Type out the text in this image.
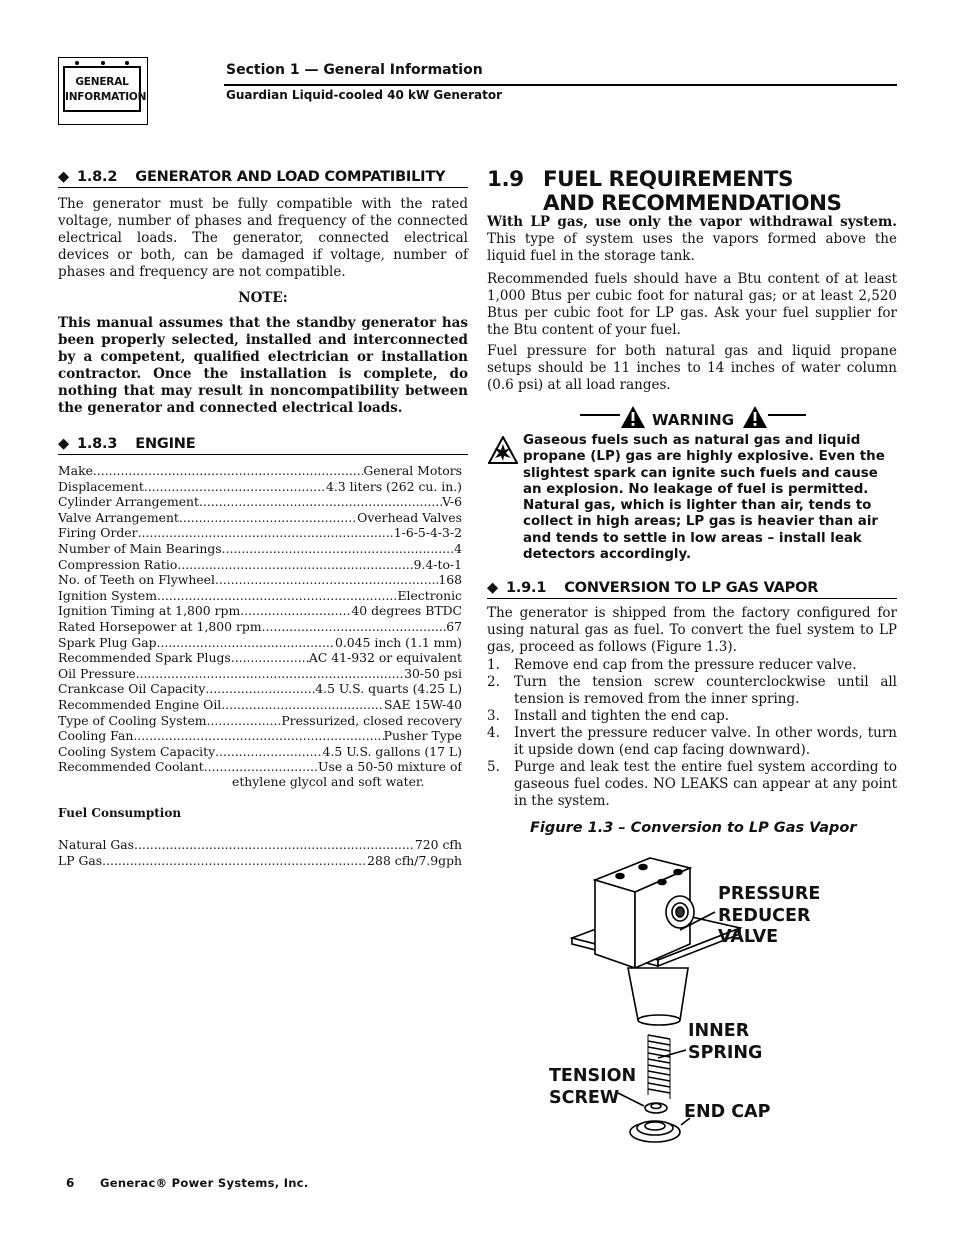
GENERAL
INFORMATION
Section 1 — General Information
Guardian Liquid-cooled 40 kW Generator
◆ 1.8.2 GENERATOR AND LOAD COMPATIBILITY

The generator must be fully compatible with the rated voltage, number of phases and frequency of the connected electrical loads. The generator, connected electrical devices or both, can be damaged if voltage, number of phases and frequency are not compatible.

NOTE:

This manual assumes that the standby generator has been properly selected, installed and interconnected by a competent, qualified electrician or installation contractor. Once the installation is complete, do nothing that may result in noncompatibility between the generator and connected electrical loads.

◆ 1.8.3 ENGINE
Make .....	General Motors
Displacement .....	4.3 liters (262 cu. in.)
Cylinder Arrangement .....	V-6
Valve Arrangement .....	Overhead Valves
Firing Order .....	1-6-5-4-3-2
Number of Main Bearings .....	4
Compression Ratio .....	9.4-to-1
No. of Teeth on Flywheel .....	168
Ignition System .....	Electronic
Ignition Timing at 1,800 rpm .....	40 degrees BTDC
Rated Horsepower at 1,800 rpm .....	67
Spark Plug Gap .....	0.045 inch (1.1 mm)
Recommended Spark Plugs .....	AC 41-932 or equivalent
Oil Pressure .....	30-50 psi
Crankcase Oil Capacity .....	4.5 U.S. quarts (4.25 L)
Recommended Engine Oil .....	SAE 15W-40
Type of Cooling System .....	Pressurized, closed recovery
Cooling Fan .....	Pusher Type
Cooling System Capacity .....	4.5 U.S. gallons (17 L)
Recommended Coolant .....	Use a 50-50 mixture of
ethylene glycol and soft water.
Fuel Consumption
Natural Gas .....	720 cfh
LP Gas .....	288 cfh/7.9gph
1.9 FUEL REQUIREMENTS
AND RECOMMENDATIONS

With LP gas, use only the vapor withdrawal system. This type of system uses the vapors formed above the liquid fuel in the storage tank.

Recommended fuels should have a Btu content of at least 1,000 Btus per cubic foot for natural gas; or at least 2,520 Btus per cubic foot for LP gas. Ask your fuel supplier for the Btu content of your fuel.

Fuel pressure for both natural gas and liquid propane setups should be 11 inches to 14 inches of water column (0.6 psi) at all load ranges.

WARNING
Gaseous fuels such as natural gas and liquid propane (LP) gas are highly explosive. Even the slightest spark can ignite such fuels and cause an explosion. No leakage of fuel is permitted. Natural gas, which is lighter than air, tends to collect in high areas; LP gas is heavier than air and tends to settle in low areas – install leak detectors accordingly.
◆ 1.9.1 CONVERSION TO LP GAS VAPOR

The generator is shipped from the factory configured for using natural gas as fuel. To convert the fuel system to LP gas, proceed as follows (Figure 1.3).

1.	Remove end cap from the pressure reducer valve.
2.	Turn the tension screw counterclockwise until all tension is removed from the inner spring.
3.	Install and tighten the end cap.
4.	Invert the pressure reducer valve. In other words, turn it upside down (end cap facing downward).
5.	Purge and leak test the entire fuel system according to gaseous fuel codes. NO LEAKS can appear at any point in the system.
Figure 1.3 – Conversion to LP Gas Vapor
PRESSURE
REDUCER
VALVE
INNER
SPRING
TENSION
SCREW
END CAP
6 Generac® Power Systems, Inc.
